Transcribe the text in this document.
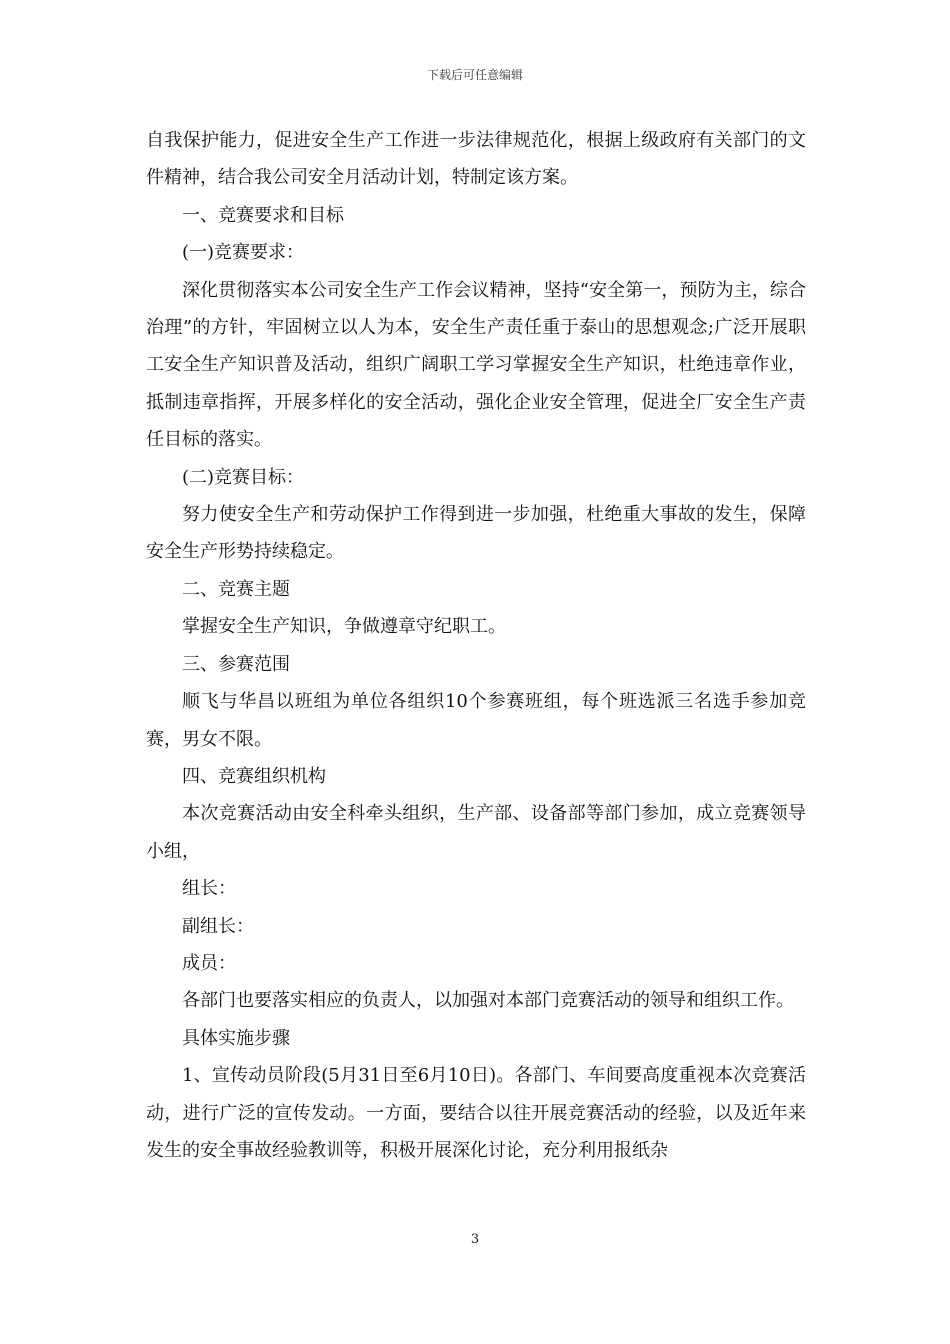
下载后可任意编辑

自我保护能力，促进安全生产工作进一步法律规范化，根据上级政府有关部门的文件精神，结合我公司安全月活动计划，特制定该方案。

一、竞赛要求和目标

(一)竞赛要求：

深化贯彻落实本公司安全生产工作会议精神，坚持“安全第一，预防为主，综合治理”的方针，牢固树立以人为本，安全生产责任重于泰山的思想观念;广泛开展职工安全生产知识普及活动，组织广阔职工学习掌握安全生产知识，杜绝违章作业，抵制违章指挥，开展多样化的安全活动，强化企业安全管理，促进全厂安全生产责任目标的落实。

(二)竞赛目标：

努力使安全生产和劳动保护工作得到进一步加强，杜绝重大事故的发生，保障安全生产形势持续稳定。

二、竞赛主题

掌握安全生产知识，争做遵章守纪职工。

三、参赛范围

顺飞与华昌以班组为单位各组织10个参赛班组，每个班选派三名选手参加竞赛，男女不限。

四、竞赛组织机构

本次竞赛活动由安全科牵头组织，生产部、设备部等部门参加，成立竞赛领导小组，

组长：

副组长：

成员：

各部门也要落实相应的负责人，以加强对本部门竞赛活动的领导和组织工作。

具体实施步骤

1、宣传动员阶段(5月31日至6月10日)。各部门、车间要高度重视本次竞赛活动，进行广泛的宣传发动。一方面，要结合以往开展竞赛活动的经验，以及近年来发生的安全事故经验教训等，积极开展深化讨论，充分利用报纸杂

3
